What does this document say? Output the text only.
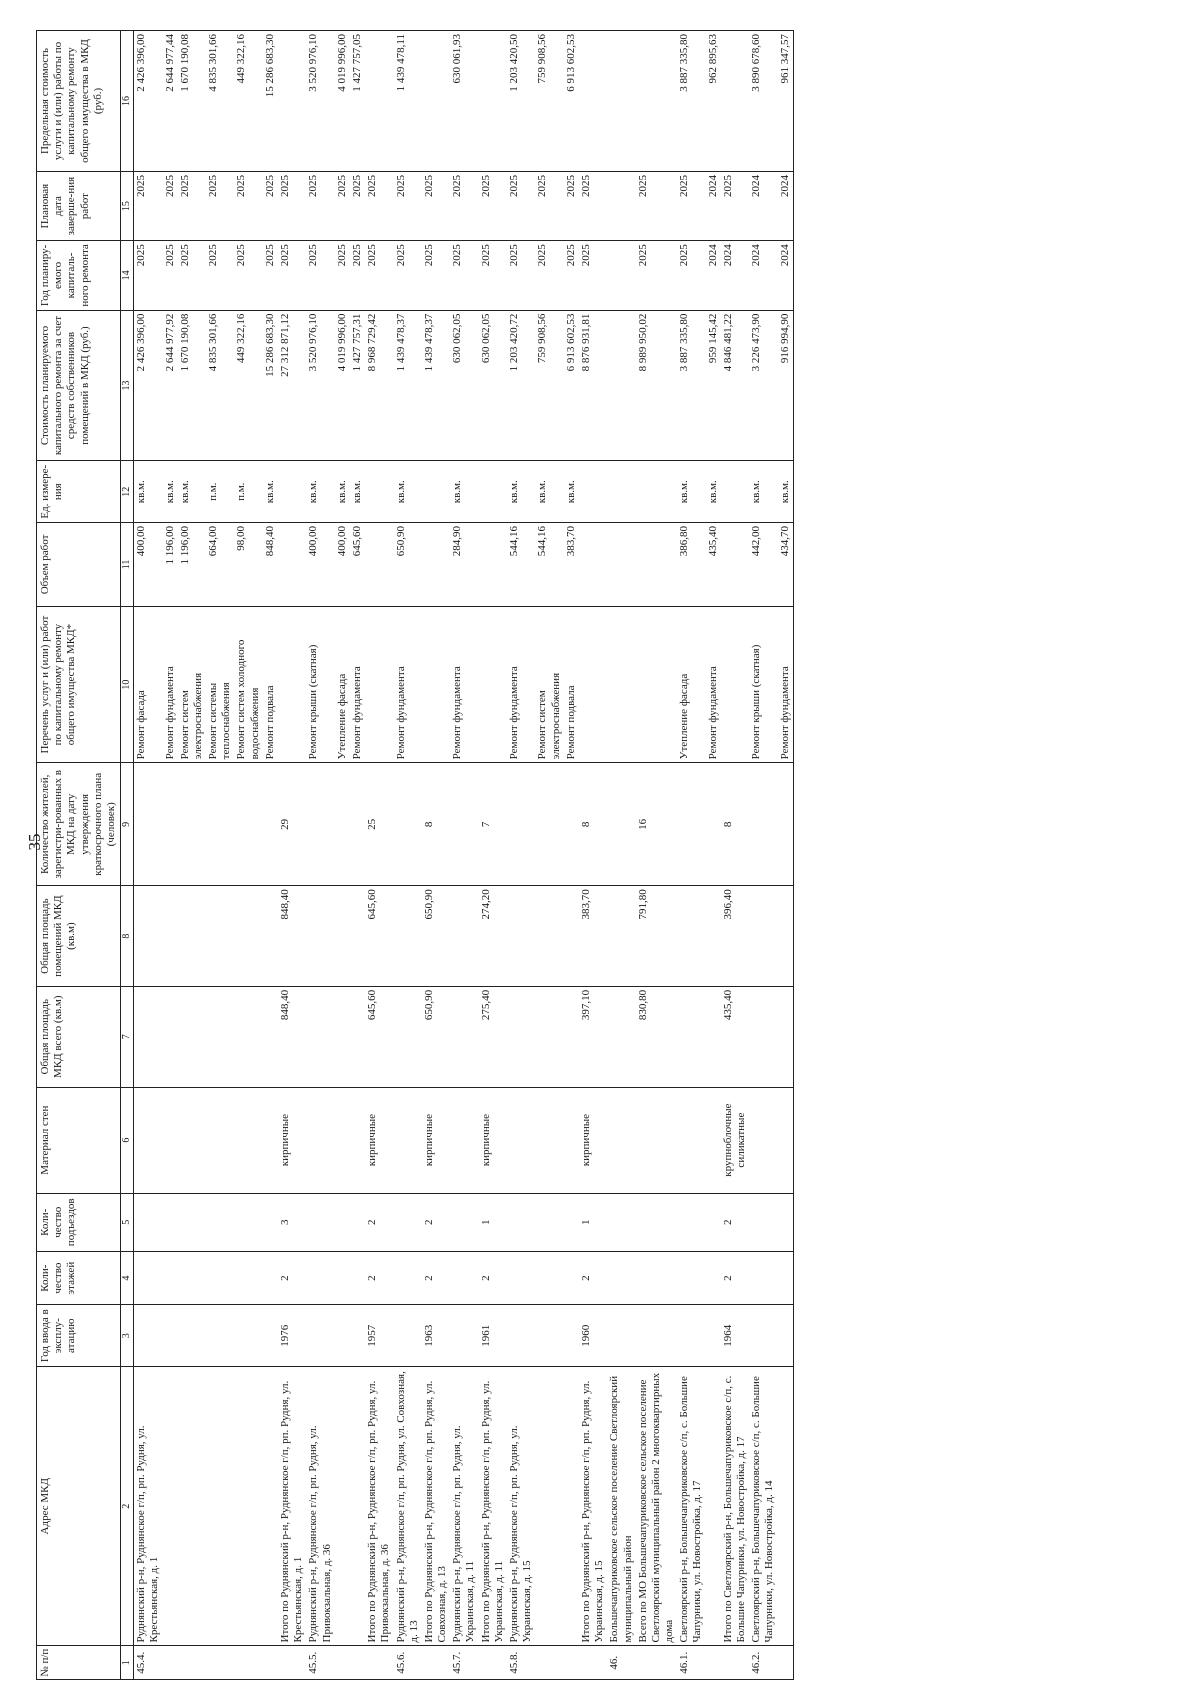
35
№ п/п	Адрес МКД	Год ввода в эксплу-атацию	Коли-чество этажей	Коли-чество подъездов	Материал стен	Общая площадь МКД всего (кв.м)	Общая площадь помещений МКД (кв.м)	Количество жителей, зарегистри-рованных в МКД на дату утверждения краткосрочного плана (человек)	Перечень услуг и (или) работ по капитальному ремонту общего имущества МКД*	Объем работ	Ед. измере-ния	Стоимость планируемого капитального ремонта за счет средств собственников помещений в МКД (руб.)	Год планиру-емого капиталь-ного ремонта	Плановая дата заверше-ния работ	Предельная стоимость услуги и (или) работы по капитальному ремонту общего имущества в МКД (руб.)
1	2	3	4	5	6	7	8	9	10	11	12	13	14	15	16
45.4.	Руднянский р-н, Руднянское г/п, рп. Рудня, ул. Крестьянская, д. 1								Ремонт фасада	400,00	кв.м.	2 426 396,00	2025	2025	2 426 396,00
									Ремонт фундамента	1 196,00	кв.м.	2 644 977,92	2025	2025	2 644 977,44
									Ремонт систем электроснабжения	1 196,00	кв.м.	1 670 190,08	2025	2025	1 670 190,08
									Ремонт системы теплоснабжения	664,00	п.м.	4 835 301,66	2025	2025	4 835 301,66
									Ремонт систем холодного водоснабжения	98,00	п.м.	449 322,16	2025	2025	449 322,16
									Ремонт подвала	848,40	кв.м.	15 286 683,30	2025	2025	15 286 683,30
	Итого по Руднянский р-н, Руднянское г/п, рп. Рудня, ул. Крестьянская, д. 1	1976	2	3	кирпичные	848,40	848,40	29				27 312 871,12	2025	2025	
45.5.	Руднянский р-н, Руднянское г/п, рп. Рудня, ул. Привокзальная, д. 36								Ремонт крыши (скатная)	400,00	кв.м.	3 520 976,10	2025	2025	3 520 976,10
									Утепление фасада	400,00	кв.м.	4 019 996,00	2025	2025	4 019 996,00
									Ремонт фундамента	645,60	кв.м.	1 427 757,31	2025	2025	1 427 757,05
	Итого по Руднянский р-н, Руднянское г/п, рп. Рудня, ул. Привокзальная, д. 36	1957	2	2	кирпичные	645,60	645,60	25				8 968 729,42	2025	2025	
45.6.	Руднянский р-н, Руднянское г/п, рп. Рудня, ул. Совхозная, д. 13								Ремонт фундамента	650,90	кв.м.	1 439 478,37	2025	2025	1 439 478,11
	Итого по Руднянский р-н, Руднянское г/п, рп. Рудня, ул. Совхозная, д. 13	1963	2	2	кирпичные	650,90	650,90	8				1 439 478,37	2025	2025	
45.7.	Руднянский р-н, Руднянское г/п, рп. Рудня, ул. Украинская, д. 11								Ремонт фундамента	284,90	кв.м.	630 062,05	2025	2025	630 061,93
	Итого по Руднянский р-н, Руднянское г/п, рп. Рудня, ул. Украинская, д. 11	1961	2	1	кирпичные	275,40	274,20	7				630 062,05	2025	2025	
45.8.	Руднянский р-н, Руднянское г/п, рп. Рудня, ул. Украинская, д. 15								Ремонт фундамента	544,16	кв.м.	1 203 420,72	2025	2025	1 203 420,50
									Ремонт систем электроснабжения	544,16	кв.м.	759 908,56	2025	2025	759 908,56
									Ремонт подвала	383,70	кв.м.	6 913 602,53	2025	2025	6 913 602,53
	Итого по Руднянский р-н, Руднянское г/п, рп. Рудня, ул. Украинская, д. 15	1960	2	1	кирпичные	397,10	383,70	8				8 876 931,81	2025	2025	
46.	Большечапуриковское сельское поселение Светлоярский муниципальный район														
	Всего по МО Большечапуриковское сельское поселение Светлоярский муниципальный район 2 многоквартирных дома					830,80	791,80	16				8 989 950,02	2025	2025	
46.1.	Светлоярский р-н, Большечапуриковское с/п, с. Большие Чапурники, ул. Новостройка, д. 17								Утепление фасада	386,80	кв.м.	3 887 335,80	2025	2025	3 887 335,80
									Ремонт фундамента	435,40	кв.м.	959 145,42	2024	2024	962 895,63
	Итого по Светлоярский р-н, Большечапуриковское с/п, с. Большие Чапурники, ул. Новостройка, д. 17	1964	2	2	крупноблочные силикатные	435,40	396,40	8				4 846 481,22	2024	2025	
46.2.	Светлоярский р-н, Большечапуриковское с/п, с. Большие Чапурники, ул. Новостройка, д. 14								Ремонт крыши (скатная)	442,00	кв.м.	3 226 473,90	2024	2024	3 890 678,60
									Ремонт фундамента	434,70	кв.м.	916 994,90	2024	2024	961 347,57
